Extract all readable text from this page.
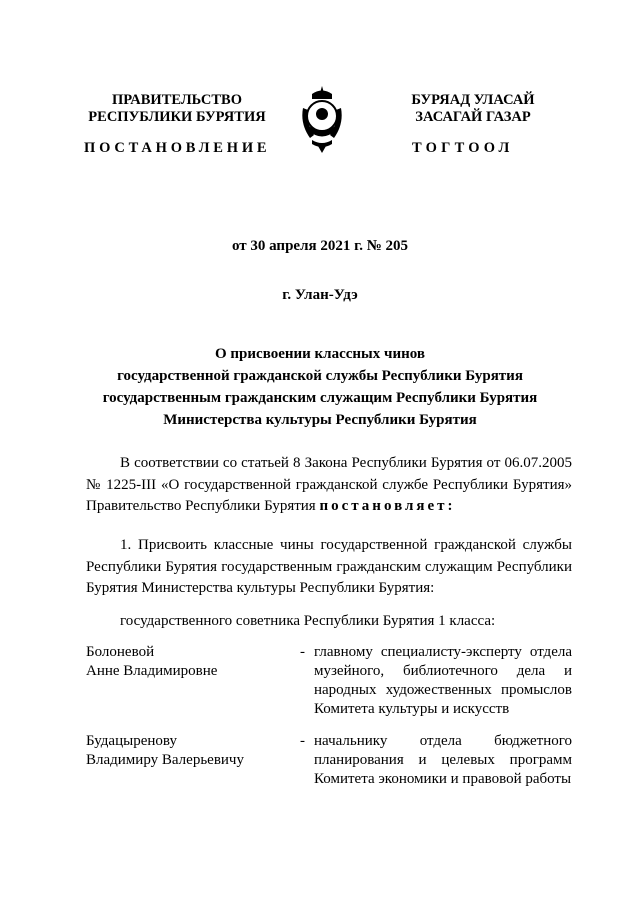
ПРАВИТЕЛЬСТВО
РЕСПУБЛИКИ БУРЯТИЯ
БУРЯАД УЛАСАЙ
ЗАСАГАЙ ГАЗАР
ПОСТАНОВЛЕНИЕ	ТОГТООЛ
от 30 апреля 2021 г. № 205
г. Улан-Удэ
О присвоении классных чинов
государственной гражданской службы Республики Бурятия
государственным гражданским служащим Республики Бурятия
Министерства культуры Республики Бурятия
В соответствии со статьей 8 Закона Республики Бурятия от 06.07.2005 № 1225-III «О государственной гражданской службе Республики Бурятия» Правительство Республики Бурятия постановляет:
1. Присвоить классные чины государственной гражданской службы Республики Бурятия государственным гражданским служащим Республики Бурятия Министерства культуры Республики Бурятия:
государственного советника Республики Бурятия 1 класса:
Болоневой
Анне Владимировне
- главному специалисту-эксперту отдела музейного, библиотечного дела и народных художественных промыслов Комитета культуры и искусств
Будацыренову
Владимиру Валерьевичу
- начальнику отдела бюджетного планирования и целевых программ Комитета экономики и правовой работы
